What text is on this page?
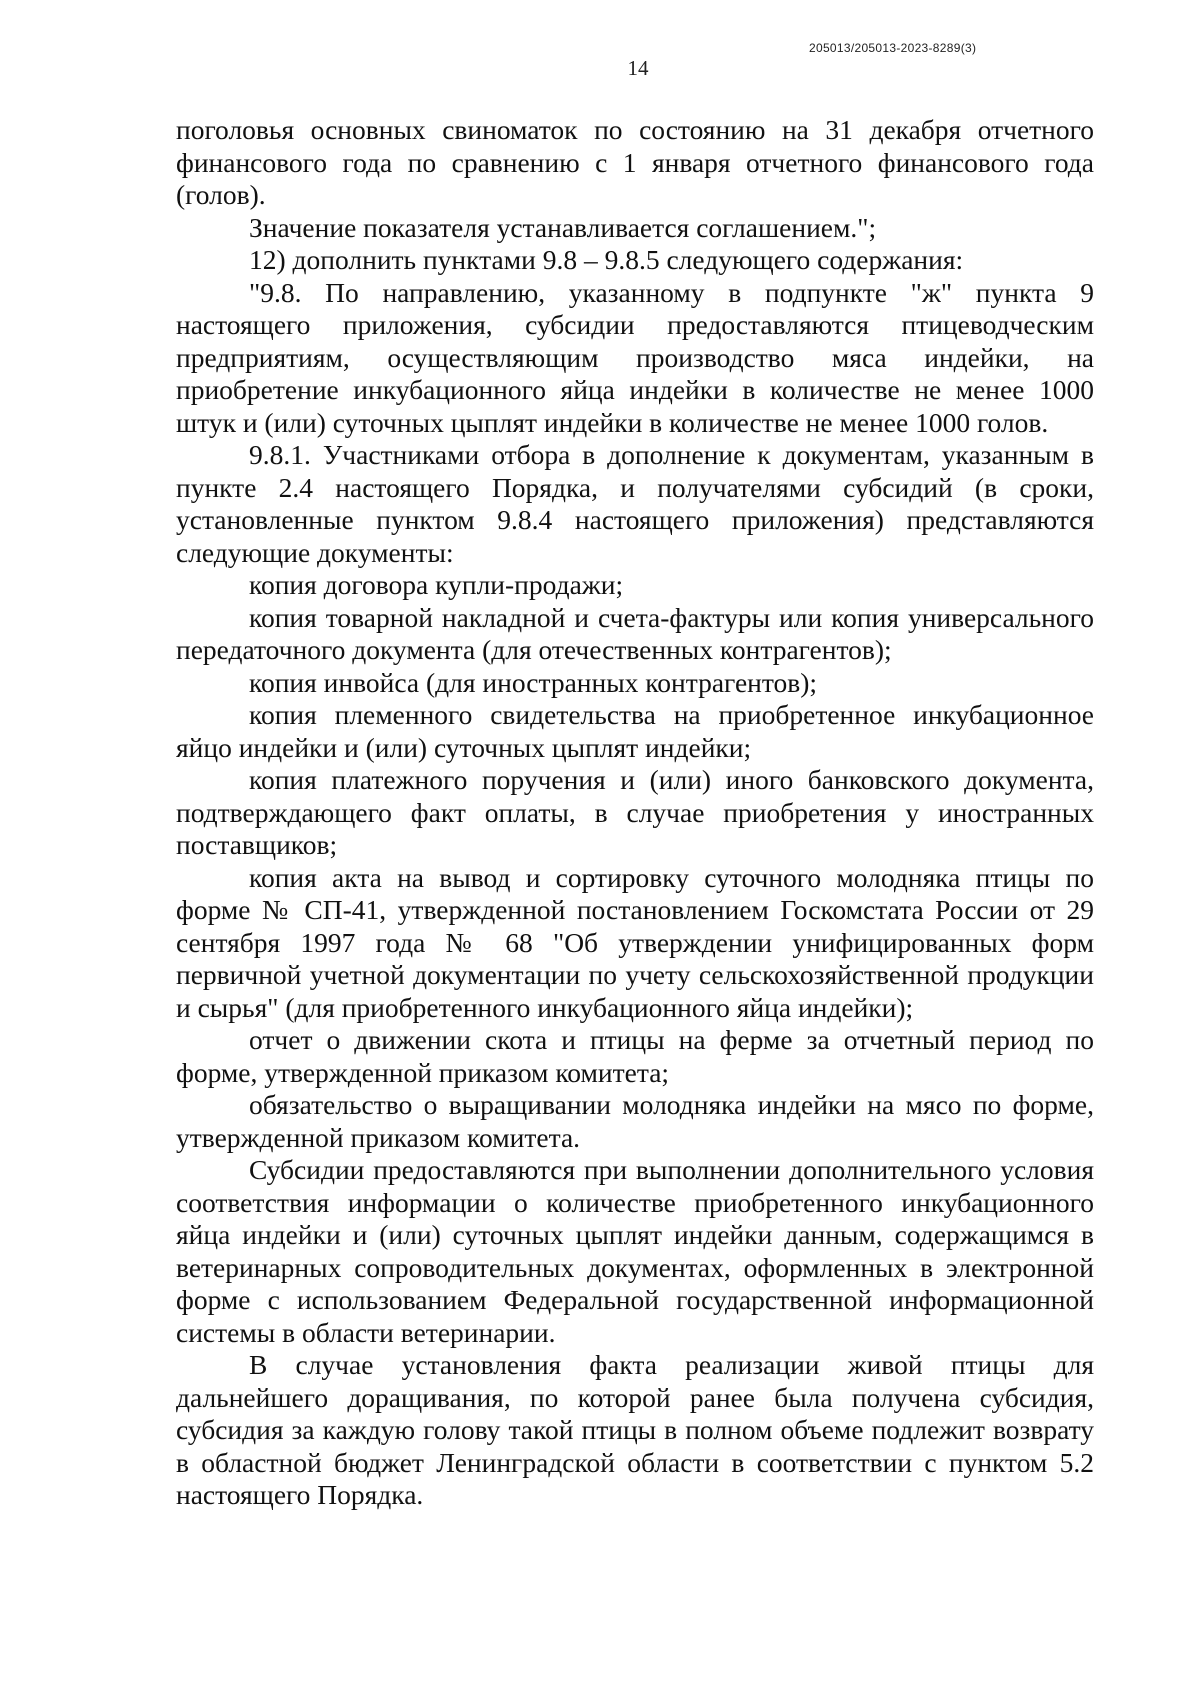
205013/205013-2023-8289(3)
14

поголовья основных свиноматок по состоянию на 31 декабря отчетного финансового года по сравнению с 1 января отчетного финансового года (голов).

Значение показателя устанавливается соглашением.";

12) дополнить пунктами 9.8 – 9.8.5 следующего содержания:

"9.8. По направлению, указанному в подпункте "ж" пункта 9 настоящего приложения, субсидии предоставляются птицеводческим предприятиям, осуществляющим производство мяса индейки, на приобретение инкубационного яйца индейки в количестве не менее 1000 штук и (или) суточных цыплят индейки в количестве не менее 1000 голов.

9.8.1. Участниками отбора в дополнение к документам, указанным в пункте 2.4 настоящего Порядка, и получателями субсидий (в сроки, установленные пунктом 9.8.4 настоящего приложения) представляются следующие документы:

копия договора купли-продажи;

копия товарной накладной и счета-фактуры или копия универсального передаточного документа (для отечественных контрагентов);

копия инвойса (для иностранных контрагентов);

копия племенного свидетельства на приобретенное инкубационное яйцо индейки и (или) суточных цыплят индейки;

копия платежного поручения и (или) иного банковского документа, подтверждающего факт оплаты, в случае приобретения у иностранных поставщиков;

копия акта на вывод и сортировку суточного молодняка птицы по форме № СП-41, утвержденной постановлением Госкомстата России от 29 сентября 1997 года № 68 "Об утверждении унифицированных форм первичной учетной документации по учету сельскохозяйственной продукции и сырья" (для приобретенного инкубационного яйца индейки);

отчет о движении скота и птицы на ферме за отчетный период по форме, утвержденной приказом комитета;

обязательство о выращивании молодняка индейки на мясо по форме, утвержденной приказом комитета.

Субсидии предоставляются при выполнении дополнительного условия соответствия информации о количестве приобретенного инкубационного яйца индейки и (или) суточных цыплят индейки данным, содержащимся в ветеринарных сопроводительных документах, оформленных в электронной форме с использованием Федеральной государственной информационной системы в области ветеринарии.

В случае установления факта реализации живой птицы для дальнейшего доращивания, по которой ранее была получена субсидия, субсидия за каждую голову такой птицы в полном объеме подлежит возврату в областной бюджет Ленинградской области в соответствии с пунктом 5.2 настоящего Порядка.
